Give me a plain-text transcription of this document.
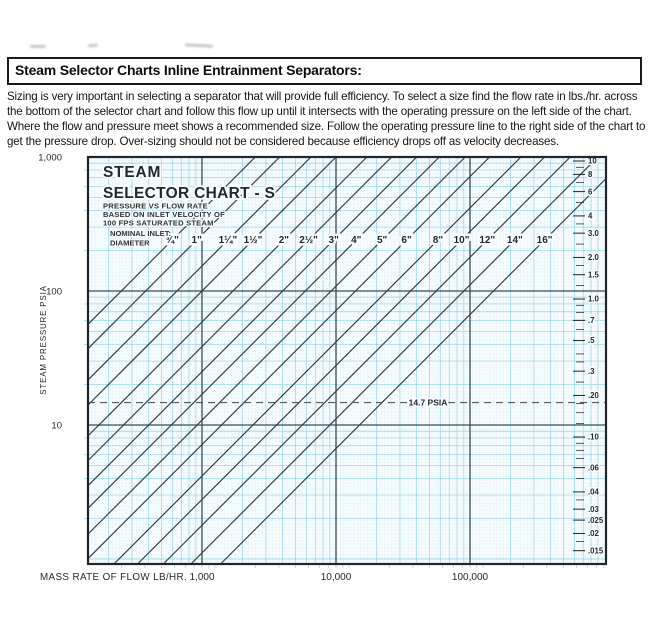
Steam Selector Charts Inline Entrainment Separators:
Sizing is very important in selecting a separator that will provide full efficiency. To select a size find the flow rate in lbs./hr. across
the bottom of the selector chart and follow this flow up until it intersects with the operating pressure on the left side of the chart.
Where the flow and pressure meet shows a recommended size. Follow the operating pressure line to the right side of the chart to
get the pressure drop. Over-sizing should not be considered because efficiency drops off as velocity decreases.
¾" 1" 1¼" 1½" 2" 2½" 3" 4" 5" 6" 8" 10" 12" 14" 16"
14.7 PSIA
10
8
6
4
3.0
2.0
1.5
1.0
.7
.5
.3
.20
.10
.06
.04
.03
.025
.02
.015
STEAM
SELECTOR CHART - S
PRESSURE VS FLOW RATE
BASED ON INLET VELOCITY OF
100 FPS SATURATED STEAM
NOMINAL INLET:
DIAMETER
1,000
100
10
STEAM PRESSURE PSIA
MASS RATE OF FLOW LB/HR. 1,000	10,000	100,000
